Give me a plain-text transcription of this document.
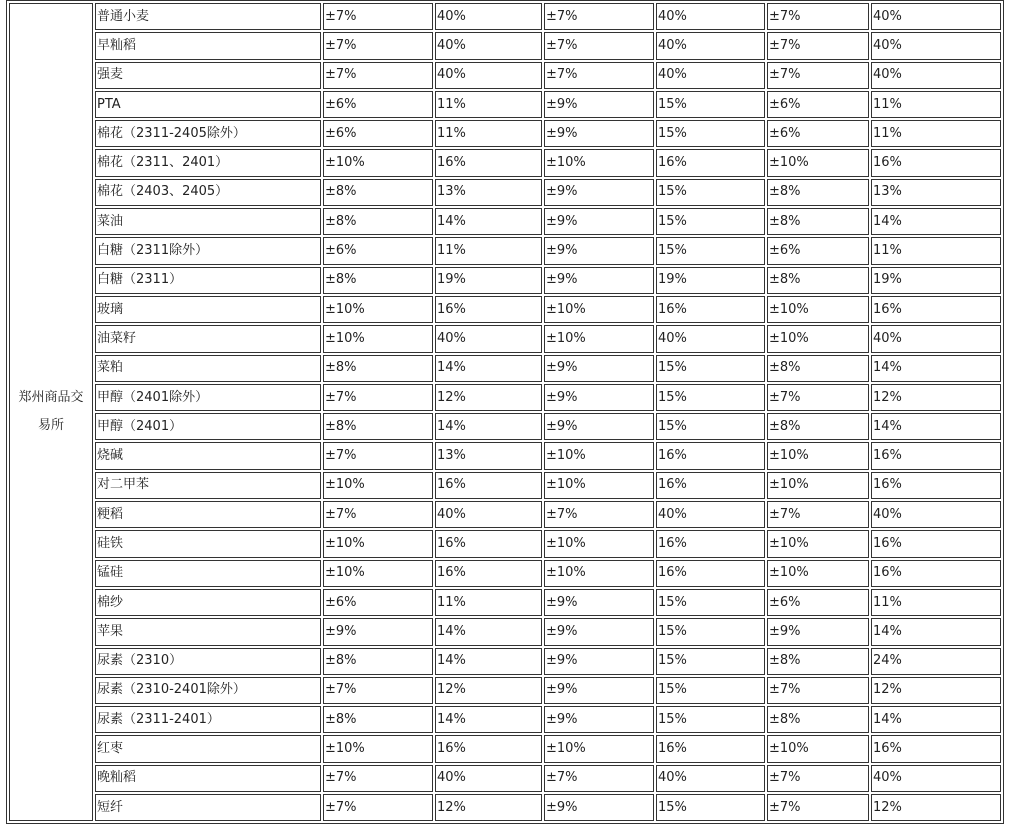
郑州商品交易所	普通小麦	±7%	40%	±7%	40%	±7%	40%
	早籼稻	±7%	40%	±7%	40%	±7%	40%
	强麦	±7%	40%	±7%	40%	±7%	40%
	PTA	±6%	11%	±9%	15%	±6%	11%
	棉花（2311-2405除外）	±6%	11%	±9%	15%	±6%	11%
	棉花（2311、2401）	±10%	16%	±10%	16%	±10%	16%
	棉花（2403、2405）	±8%	13%	±9%	15%	±8%	13%
	菜油	±8%	14%	±9%	15%	±8%	14%
	白糖（2311除外）	±6%	11%	±9%	15%	±6%	11%
	白糖（2311）	±8%	19%	±9%	19%	±8%	19%
	玻璃	±10%	16%	±10%	16%	±10%	16%
	油菜籽	±10%	40%	±10%	40%	±10%	40%
	菜粕	±8%	14%	±9%	15%	±8%	14%
	甲醇（2401除外）	±7%	12%	±9%	15%	±7%	12%
	甲醇（2401）	±8%	14%	±9%	15%	±8%	14%
	烧碱	±7%	13%	±10%	16%	±10%	16%
	对二甲苯	±10%	16%	±10%	16%	±10%	16%
	粳稻	±7%	40%	±7%	40%	±7%	40%
	硅铁	±10%	16%	±10%	16%	±10%	16%
	锰硅	±10%	16%	±10%	16%	±10%	16%
	棉纱	±6%	11%	±9%	15%	±6%	11%
	苹果	±9%	14%	±9%	15%	±9%	14%
	尿素（2310）	±8%	14%	±9%	15%	±8%	24%
	尿素（2310-2401除外）	±7%	12%	±9%	15%	±7%	12%
	尿素（2311-2401）	±8%	14%	±9%	15%	±8%	14%
	红枣	±10%	16%	±10%	16%	±10%	16%
	晚籼稻	±7%	40%	±7%	40%	±7%	40%
	短纤	±7%	12%	±9%	15%	±7%	12%
